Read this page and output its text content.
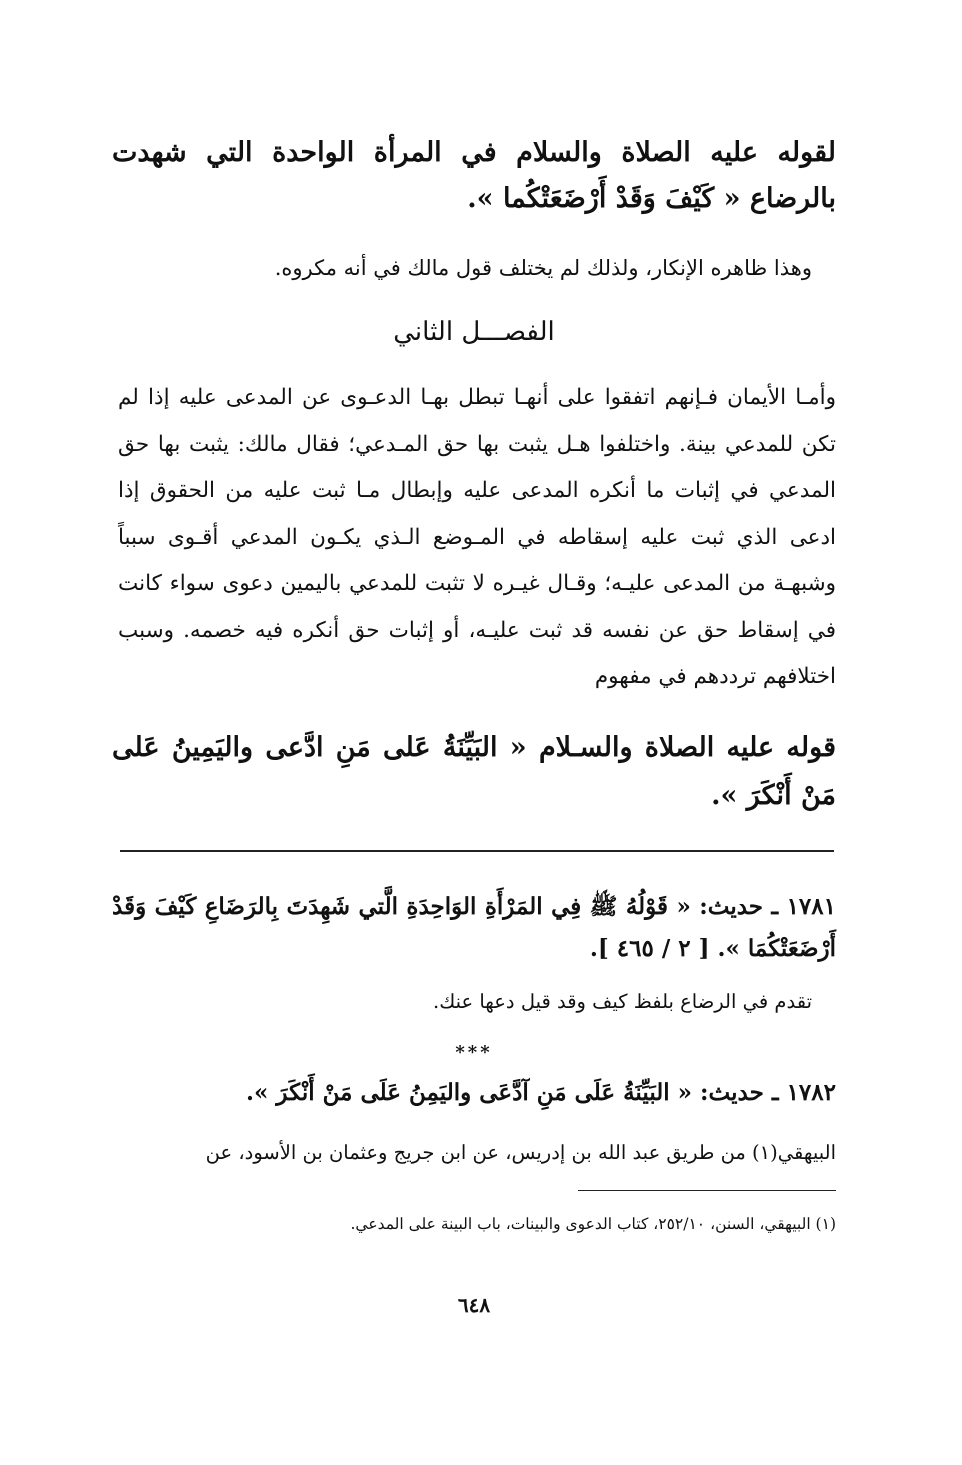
لقوله عليه الصلاة والسلام في المرأة الواحدة التي شهدت بالرضاع « كَيْفَ وَقَدْ أَرْضَعَتْكُما ».
وهذا ظاهره الإنكار، ولذلك لم يختلف قول مالك في أنه مكروه.
الفصـــل الثاني
وأمـا الأيمان فـإنهم اتفقوا على أنهـا تبطل بهـا الدعـوى عن المدعى عليه إذا لم تكن للمدعي بينة. واختلفوا هـل يثبت بها حق المـدعي؛ فقال مالك: يثبت بها حق المدعي في إثبات ما أنكره المدعى عليه وإبطال مـا ثبت عليه من الحقوق إذا ادعى الذي ثبت عليه إسقاطه في المـوضع الـذي يكـون المدعي أقـوى سبباً وشبهـة من المدعى عليـه؛ وقـال غيـره لا تثبت للمدعي باليمين دعوى سواء كانت في إسقاط حق عن نفسه قد ثبت عليـه، أو إثبات حق أنكره فيه خصمه. وسبب اختلافهم ترددهم في مفهوم
قوله عليه الصلاة والسـلام « البَيِّنَةُ عَلى مَنِ ادَّعى واليَمِينُ عَلى مَنْ أَنْكَرَ ».
١٧٨١ ـ حديث: « قَوْلُهُ ﷺ فِي المَرْأَةِ الوَاحِدَةِ الَّتي شَهِدَتَ بِالرَضَاعِ كَيْفَ وَقَدْ أَرْضَعَتْكُمَا ». [ ٢ / ٤٦٥ ].
تقدم في الرضاع بلفظ كيف وقد قيل دعها عنك.
***
١٧٨٢ ـ حديث: « البَيِّنَةُ عَلَى مَنِ آدَّعَى واليَمِنُ عَلَى مَنْ أَنْكَرَ ».
البيهقي(١) من طريق عبد الله بن إدريس، عن ابن جريج وعثمان بن الأسود، عن
(١) البيهقي، السنن، ٢٥٢/١٠، كتاب الدعوى والبينات، باب البينة على المدعي.
٦٤٨
